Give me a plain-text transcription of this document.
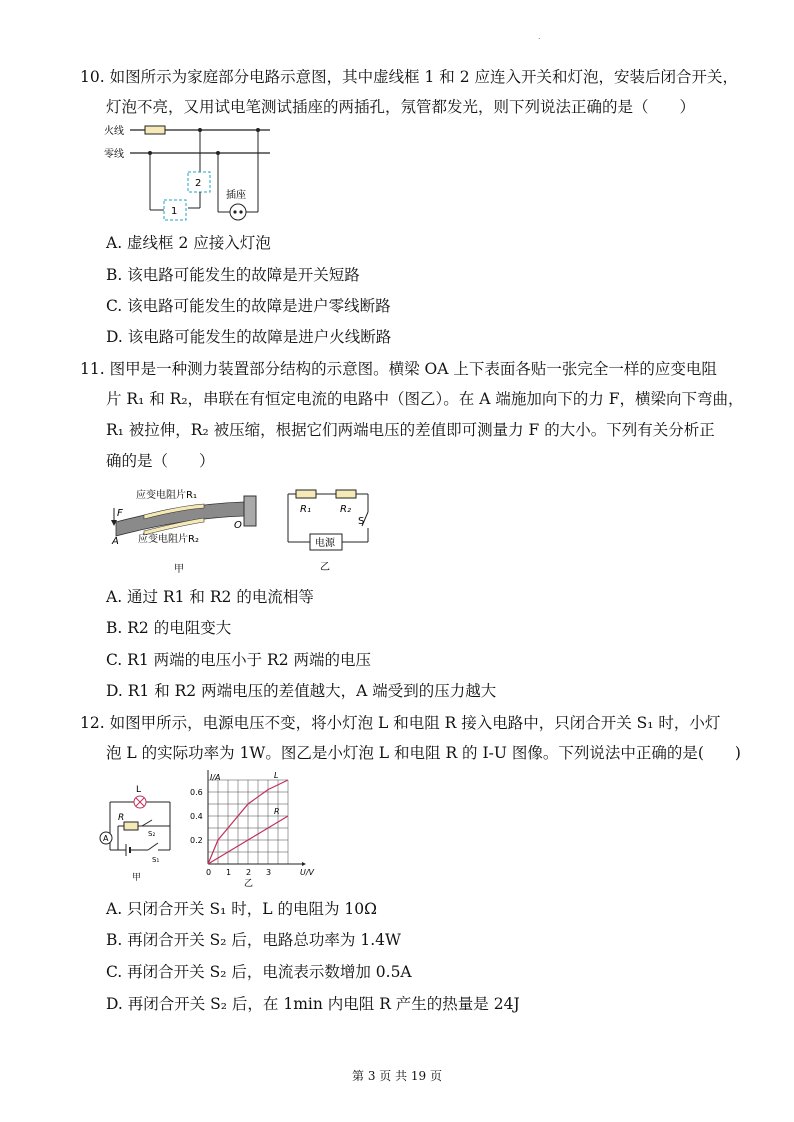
.
10. 如图所示为家庭部分电路示意图，其中虚线框 1 和 2 应连入开关和灯泡，安装后闭合开关，
灯泡不亮，又用试电笔测试插座的两插孔，氖管都发光，则下列说法正确的是（　　）
火线
零线
2
1
插座
A. 虚线框 2 应接入灯泡
B. 该电路可能发生的故障是开关短路
C. 该电路可能发生的故障是进户零线断路
D. 该电路可能发生的故障是进户火线断路
11. 图甲是一种测力装置部分结构的示意图。横梁 OA 上下表面各贴一张完全一样的应变电阻
片 R₁ 和 R₂，串联在有恒定电流的电路中（图乙）。在 A 端施加向下的力 F，横梁向下弯曲，
R₁ 被拉伸，R₂ 被压缩，根据它们两端电压的差值即可测量力 F 的大小。下列有关分析正
确的是（　　）
应变电阻片R₁
F
A
O
应变电阻片R₂
甲
R₁	R₂
S
电源
乙
A. 通过 R1 和 R2 的电流相等
B. R2 的电阻变大
C. R1 两端的电压小于 R2 两端的电压
D. R1 和 R2 两端电压的差值越大，A 端受到的压力越大
12. 如图甲所示，电源电压不变，将小灯泡 L 和电阻 R 接入电路中，只闭合开关 S₁ 时，小灯
泡 L 的实际功率为 1W。图乙是小灯泡 L 和电阻 R 的 I-U 图像。下列说法中正确的是(　　)
L
R
S₂
A
S₁
甲
0 1 2 3
0.2
0.4
0.6
I/A
U/V
L
R
乙
A. 只闭合开关 S₁ 时，L 的电阻为 10Ω
B. 再闭合开关 S₂ 后，电路总功率为 1.4W
C. 再闭合开关 S₂ 后，电流表示数增加 0.5A
D. 再闭合开关 S₂ 后，在 1min 内电阻 R 产生的热量是 24J
第 3 页 共 19 页
